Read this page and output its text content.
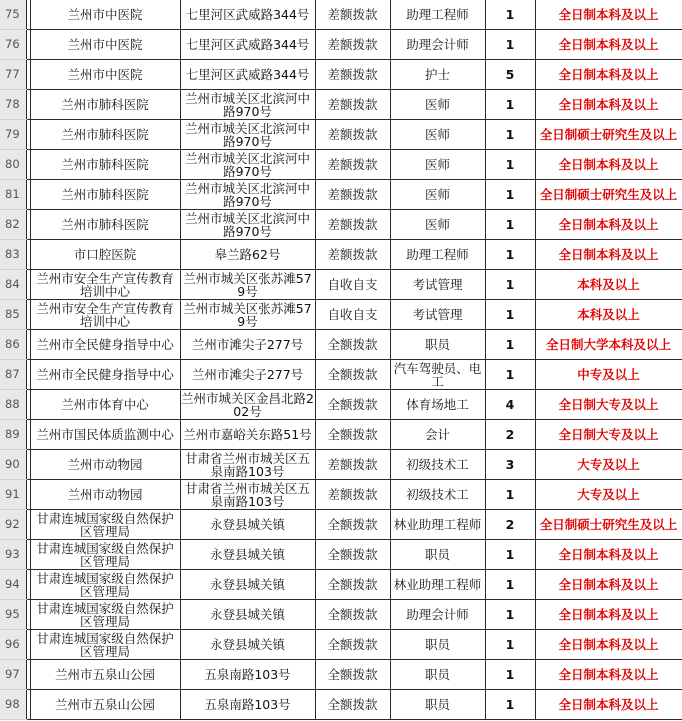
75		兰州市中医院	七里河区武威路344号	差额拨款	助理工程师	1	全日制本科及以上
76		兰州市中医院	七里河区武威路344号	差额拨款	助理会计师	1	全日制本科及以上
77		兰州市中医院	七里河区武威路344号	差额拨款	护士	5	全日制本科及以上
78		兰州市肺科医院	兰州市城关区北滨河中路970号	差额拨款	医师	1	全日制本科及以上
79		兰州市肺科医院	兰州市城关区北滨河中路970号	差额拨款	医师	1	全日制硕士研究生及以上
80		兰州市肺科医院	兰州市城关区北滨河中路970号	差额拨款	医师	1	全日制本科及以上
81		兰州市肺科医院	兰州市城关区北滨河中路970号	差额拨款	医师	1	全日制硕士研究生及以上
82		兰州市肺科医院	兰州市城关区北滨河中路970号	差额拨款	医师	1	全日制本科及以上
83		市口腔医院	皋兰路62号	差额拨款	助理工程师	1	全日制本科及以上
84		兰州市安全生产宣传教育培训中心	兰州市城关区张苏滩579号	自收自支	考试管理	1	本科及以上
85		兰州市安全生产宣传教育培训中心	兰州市城关区张苏滩579号	自收自支	考试管理	1	本科及以上
86		兰州市全民健身指导中心	兰州市滩尖子277号	全额拨款	职员	1	全日制大学本科及以上
87		兰州市全民健身指导中心	兰州市滩尖子277号	全额拨款	汽车驾驶员、电工	1	中专及以上
88		兰州市体育中心	兰州市城关区金昌北路202号	全额拨款	体育场地工	4	全日制大专及以上
89		兰州市国民体质监测中心	兰州市嘉峪关东路51号	全额拨款	会计	2	全日制大专及以上
90		兰州市动物园	甘肃省兰州市城关区五泉南路103号	差额拨款	初级技术工	3	大专及以上
91		兰州市动物园	甘肃省兰州市城关区五泉南路103号	差额拨款	初级技术工	1	大专及以上
92		甘肃连城国家级自然保护区管理局	永登县城关镇	全额拨款	林业助理工程师	2	全日制硕士研究生及以上
93		甘肃连城国家级自然保护区管理局	永登县城关镇	全额拨款	职员	1	全日制本科及以上
94		甘肃连城国家级自然保护区管理局	永登县城关镇	全额拨款	林业助理工程师	1	全日制本科及以上
95		甘肃连城国家级自然保护区管理局	永登县城关镇	全额拨款	助理会计师	1	全日制本科及以上
96		甘肃连城国家级自然保护区管理局	永登县城关镇	全额拨款	职员	1	全日制本科及以上
97		兰州市五泉山公园	五泉南路103号	全额拨款	职员	1	全日制本科及以上
98		兰州市五泉山公园	五泉南路103号	全额拨款	职员	1	全日制本科及以上
